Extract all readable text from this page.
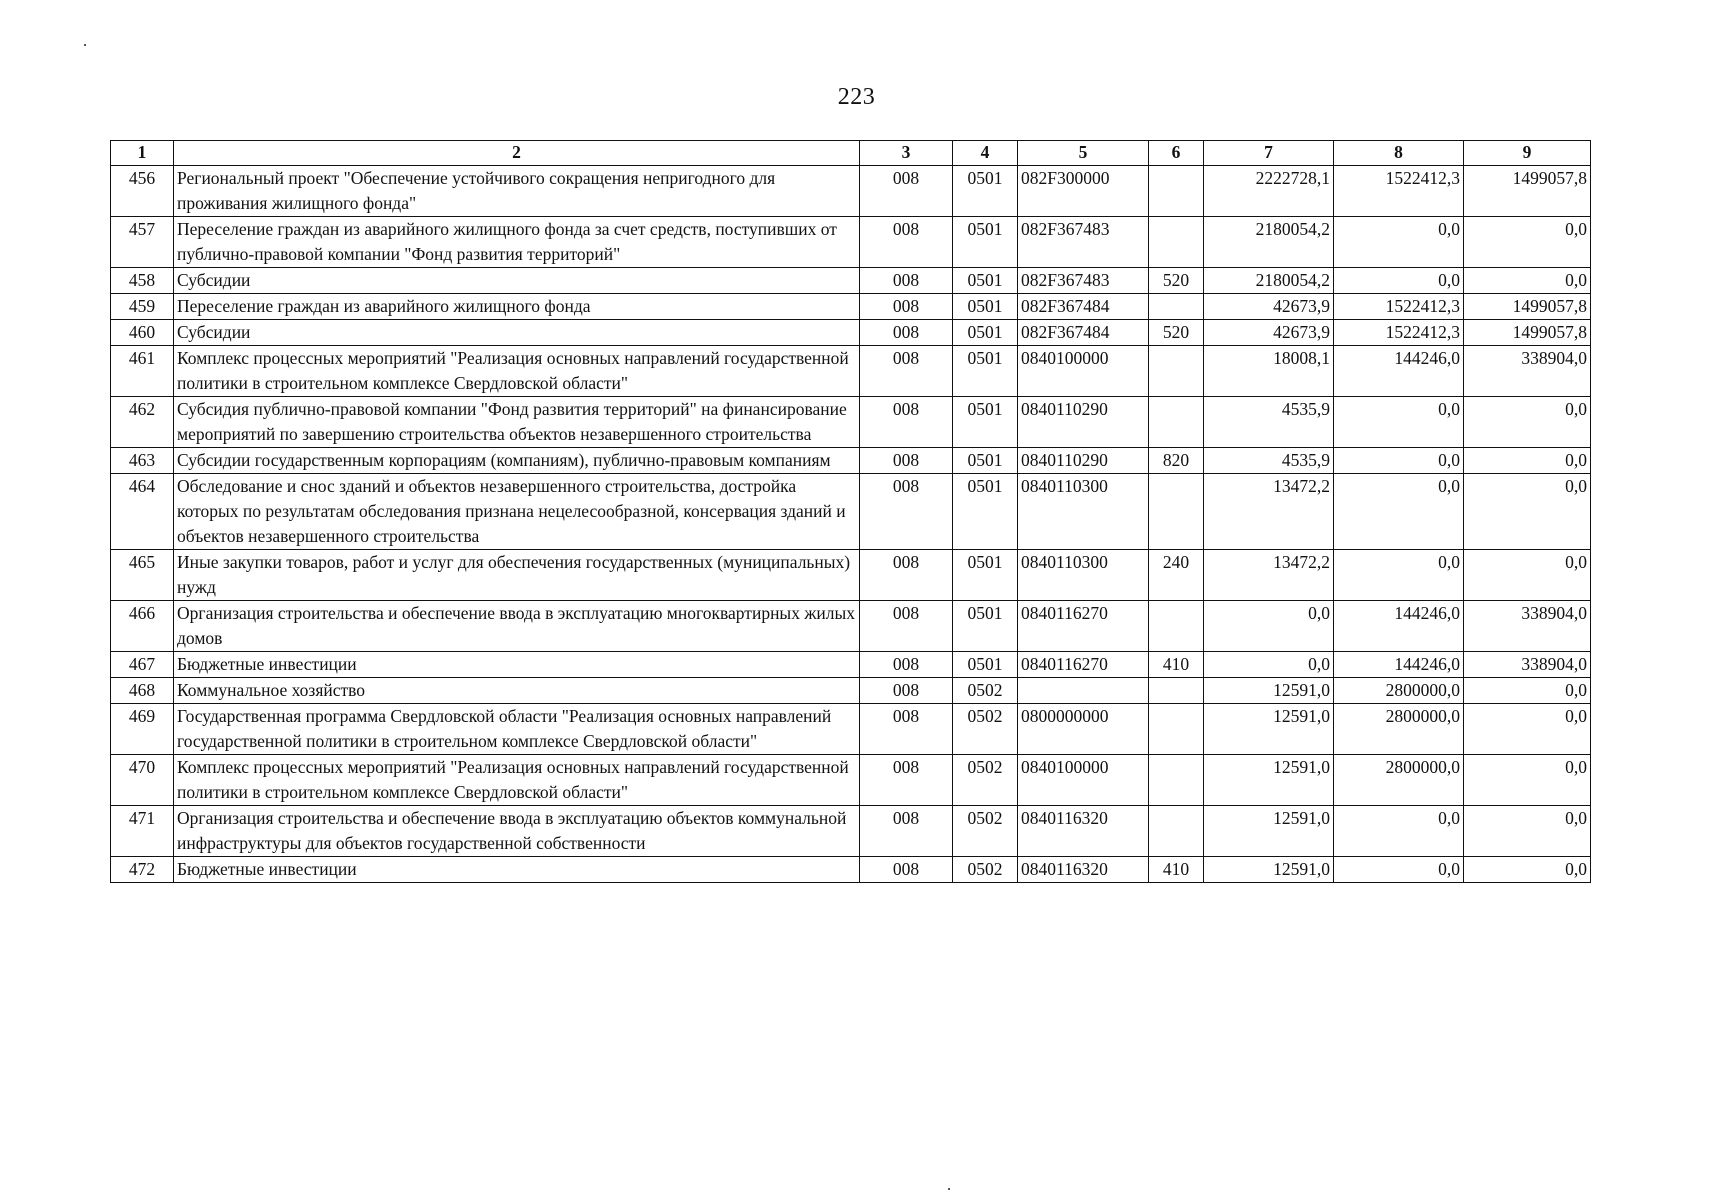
223
1	2	3	4	5	6	7	8	9
456	Региональный проект "Обеспечение устойчивого сокращения непригодного для проживания жилищного фонда"	008	0501	082F300000		2222728,1	1522412,3	1499057,8
457	Переселение граждан из аварийного жилищного фонда за счет средств, поступивших от публично-правовой компании "Фонд развития территорий"	008	0501	082F367483		2180054,2	0,0	0,0
458	Субсидии	008	0501	082F367483	520	2180054,2	0,0	0,0
459	Переселение граждан из аварийного жилищного фонда	008	0501	082F367484		42673,9	1522412,3	1499057,8
460	Субсидии	008	0501	082F367484	520	42673,9	1522412,3	1499057,8
461	Комплекс процессных мероприятий "Реализация основных направлений государственной политики в строительном комплексе Свердловской области"	008	0501	0840100000		18008,1	144246,0	338904,0
462	Субсидия публично-правовой компании "Фонд развития территорий" на финансирование мероприятий по завершению строительства объектов незавершенного строительства	008	0501	0840110290		4535,9	0,0	0,0
463	Субсидии государственным корпорациям (компаниям), публично-правовым компаниям	008	0501	0840110290	820	4535,9	0,0	0,0
464	Обследование и снос зданий и объектов незавершенного строительства, достройка которых по результатам обследования признана нецелесообразной, консервация зданий и объектов незавершенного строительства	008	0501	0840110300		13472,2	0,0	0,0
465	Иные закупки товаров, работ и услуг для обеспечения государственных (муниципальных) нужд	008	0501	0840110300	240	13472,2	0,0	0,0
466	Организация строительства и обеспечение ввода в эксплуатацию многоквартирных жилых домов	008	0501	0840116270		0,0	144246,0	338904,0
467	Бюджетные инвестиции	008	0501	0840116270	410	0,0	144246,0	338904,0
468	Коммунальное хозяйство	008	0502			12591,0	2800000,0	0,0
469	Государственная программа Свердловской области "Реализация основных направлений государственной политики в строительном комплексе Свердловской области"	008	0502	0800000000		12591,0	2800000,0	0,0
470	Комплекс процессных мероприятий "Реализация основных направлений государственной политики в строительном комплексе Свердловской области"	008	0502	0840100000		12591,0	2800000,0	0,0
471	Организация строительства и обеспечение ввода в эксплуатацию объектов коммунальной инфраструктуры для объектов государственной собственности	008	0502	0840116320		12591,0	0,0	0,0
472	Бюджетные инвестиции	008	0502	0840116320	410	12591,0	0,0	0,0
